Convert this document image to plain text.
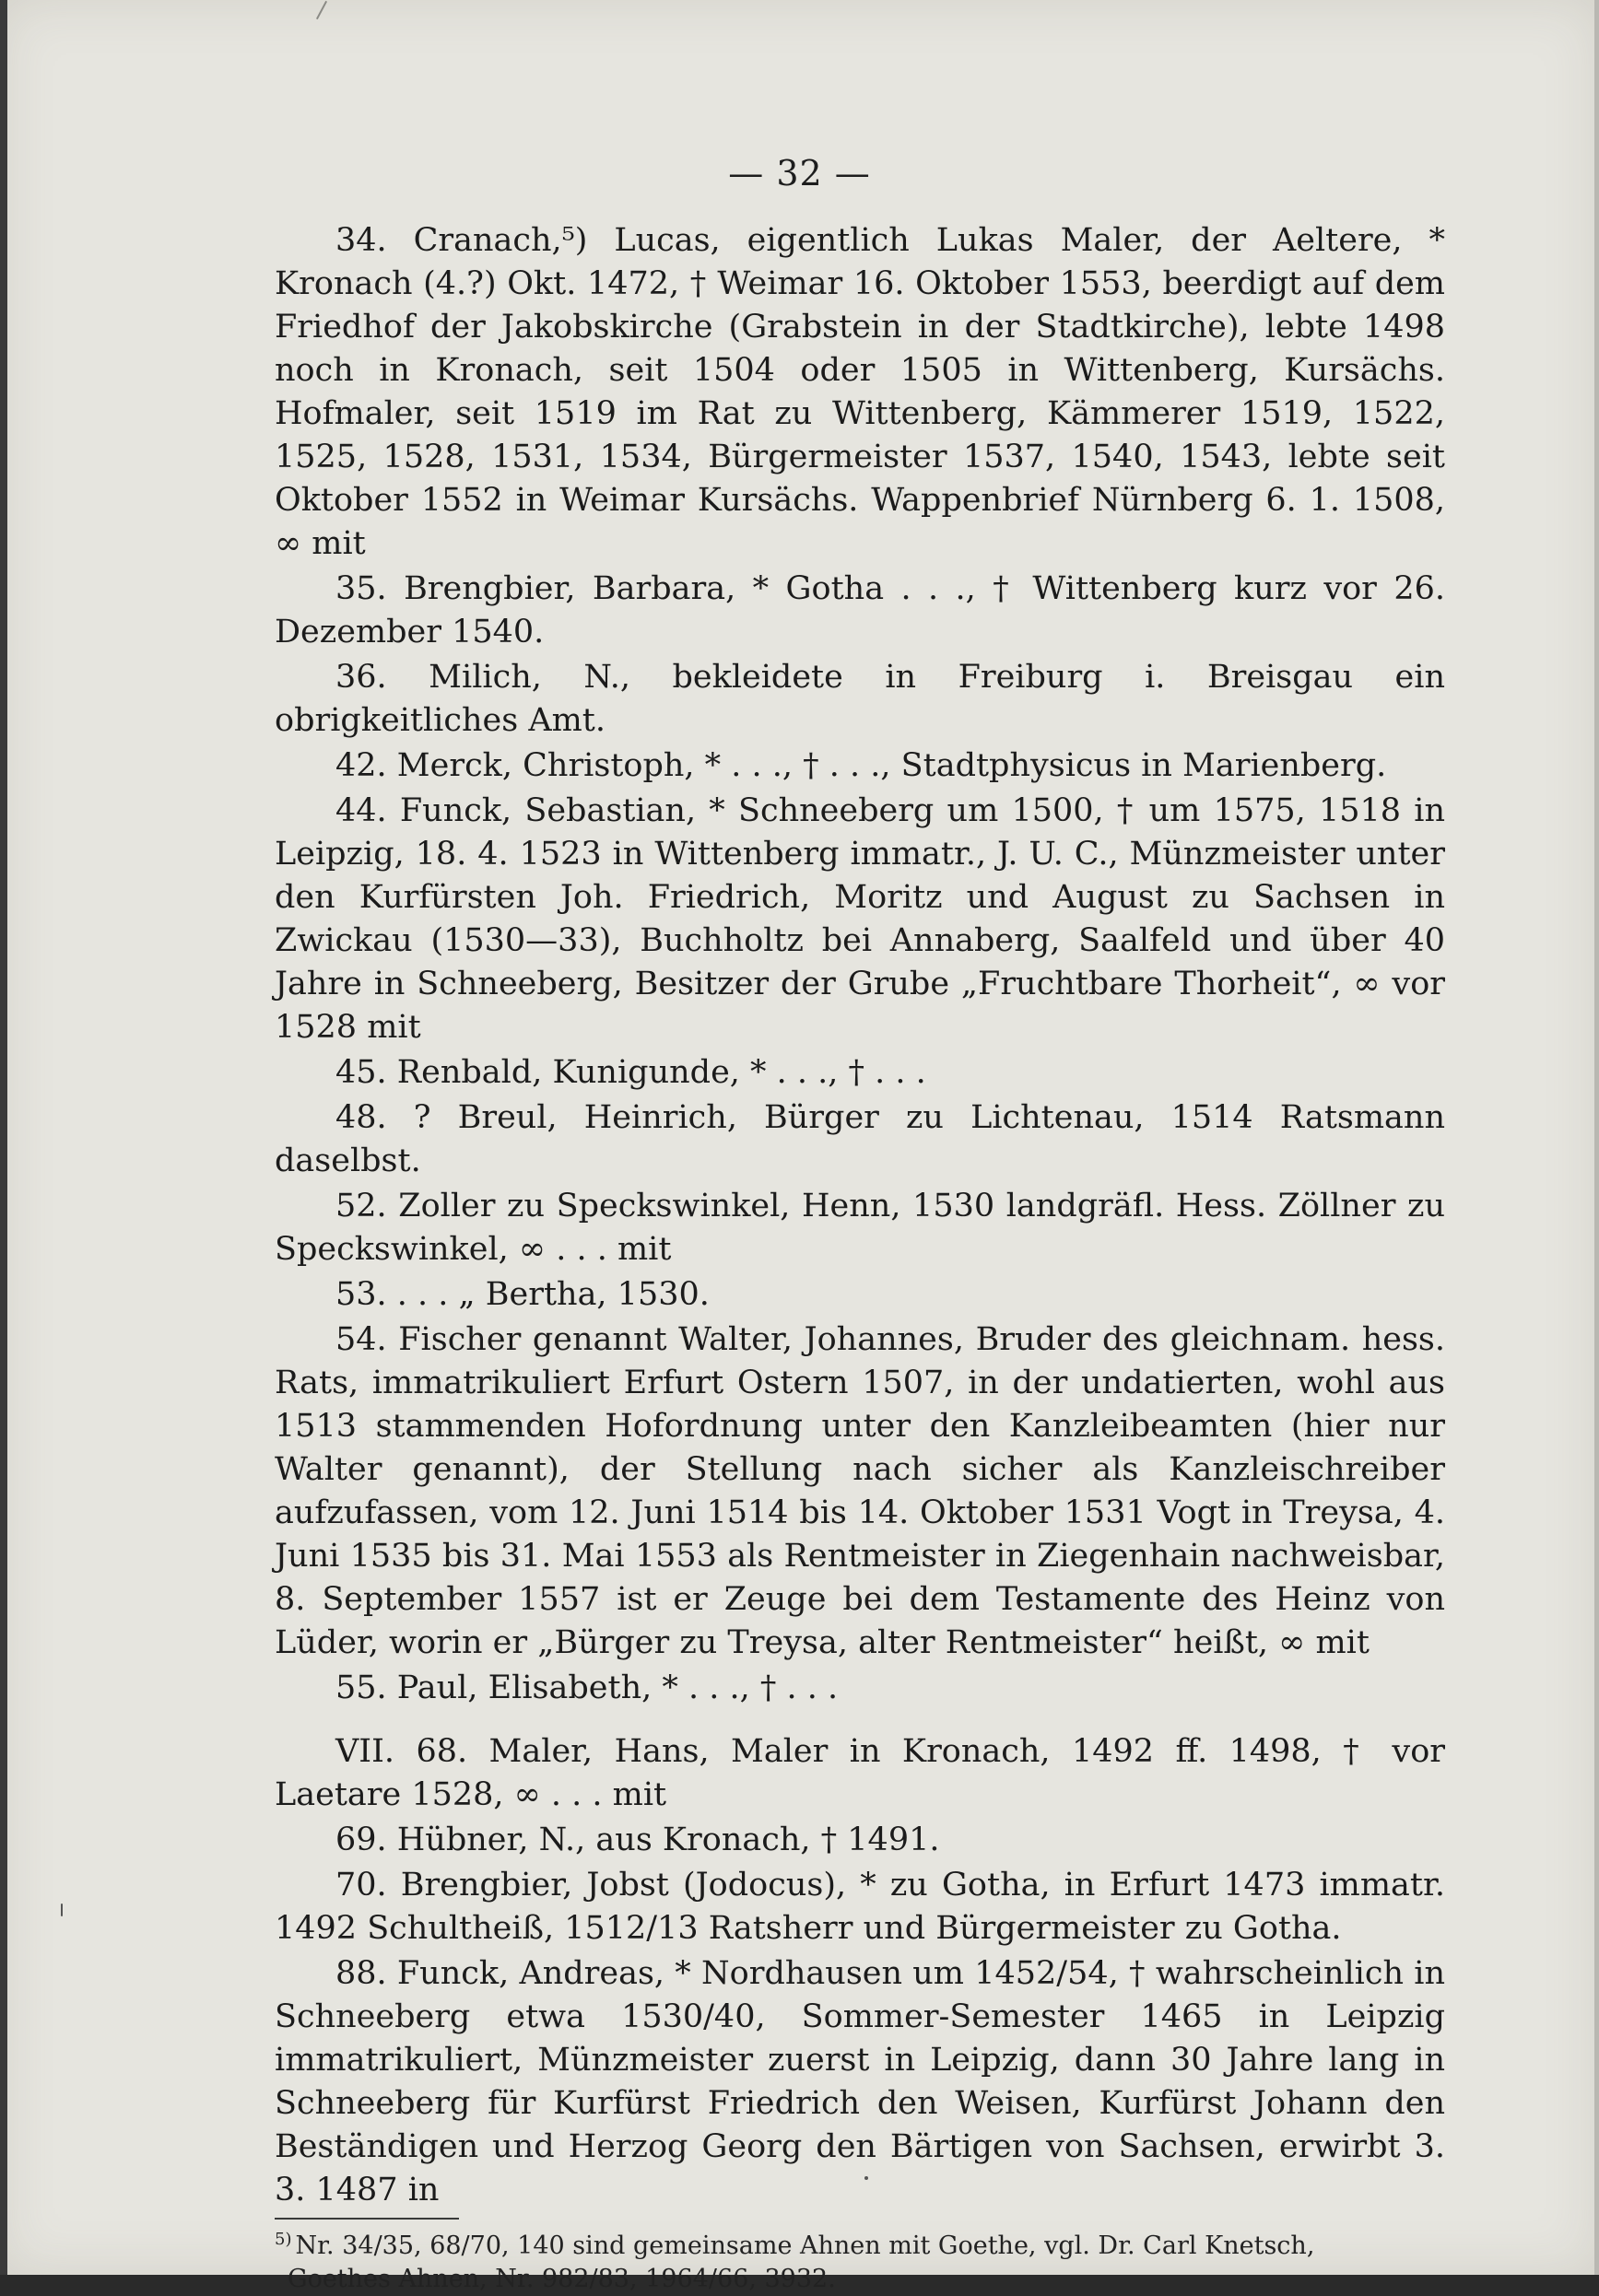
— 32 —

34. Cranach,⁵) Lucas, eigentlich Lukas Maler, der Aeltere, * Kronach (4.?) Okt. 1472, † Weimar 16. Oktober 1553, beerdigt auf dem Friedhof der Jakobskirche (Grabstein in der Stadtkirche), lebte 1498 noch in Kronach, seit 1504 oder 1505 in Wittenberg, Kursächs. Hofmaler, seit 1519 im Rat zu Wittenberg, Kämmerer 1519, 1522, 1525, 1528, 1531, 1534, Bürgermeister 1537, 1540, 1543, lebte seit Oktober 1552 in Weimar Kursächs. Wappenbrief Nürnberg 6. 1. 1508, ∞ mit

35. Brengbier, Barbara, * Gotha . . ., † Wittenberg kurz vor 26. Dezember 1540.

36. Milich, N., bekleidete in Freiburg i. Breisgau ein obrigkeitliches Amt.

42. Merck, Christoph, * . . ., † . . ., Stadtphysicus in Marienberg.

44. Funck, Sebastian, * Schneeberg um 1500, † um 1575, 1518 in Leipzig, 18. 4. 1523 in Wittenberg immatr., J. U. C., Münzmeister unter den Kurfürsten Joh. Friedrich, Moritz und August zu Sachsen in Zwickau (1530—33), Buchholtz bei Annaberg, Saalfeld und über 40 Jahre in Schneeberg, Besitzer der Grube „Fruchtbare Thorheit“, ∞ vor 1528 mit

45. Renbald, Kunigunde, * . . ., † . . .

48. ? Breul, Heinrich, Bürger zu Lichtenau, 1514 Ratsmann daselbst.

52. Zoller zu Speckswinkel, Henn, 1530 landgräfl. Hess. Zöllner zu Speckswinkel, ∞ . . . mit

53. . . . „ Bertha, 1530.

54. Fischer genannt Walter, Johannes, Bruder des gleichnam. hess. Rats, immatrikuliert Erfurt Ostern 1507, in der undatierten, wohl aus 1513 stammenden Hofordnung unter den Kanzleibeamten (hier nur Walter genannt), der Stellung nach sicher als Kanzleischreiber aufzufassen, vom 12. Juni 1514 bis 14. Oktober 1531 Vogt in Treysa, 4. Juni 1535 bis 31. Mai 1553 als Rentmeister in Ziegenhain nachweisbar, 8. September 1557 ist er Zeuge bei dem Testamente des Heinz von Lüder, worin er „Bürger zu Treysa, alter Rentmeister“ heißt, ∞ mit

55. Paul, Elisabeth, * . . ., † . . .

VII. 68. Maler, Hans, Maler in Kronach, 1492 ff. 1498, † vor Laetare 1528, ∞ . . . mit

69. Hübner, N., aus Kronach, † 1491.

70. Brengbier, Jobst (Jodocus), * zu Gotha, in Erfurt 1473 immatr. 1492 Schultheiß, 1512/13 Ratsherr und Bürgermeister zu Gotha.

88. Funck, Andreas, * Nordhausen um 1452/54, † wahrscheinlich in Schneeberg etwa 1530/40, Sommer-Semester 1465 in Leipzig immatrikuliert, Münzmeister zuerst in Leipzig, dann 30 Jahre lang in Schneeberg für Kurfürst Friedrich den Weisen, Kurfürst Johann den Beständigen und Herzog Georg den Bärtigen von Sachsen, erwirbt 3. 3. 1487 in

$^{5)}$ Nr. 34/35, 68/70, 140 sind gemeinsame Ahnen mit Goethe, vgl. Dr. Carl Knetsch,
Goethes Ahnen, Nr. 982/83, 1964/66, 3932.
